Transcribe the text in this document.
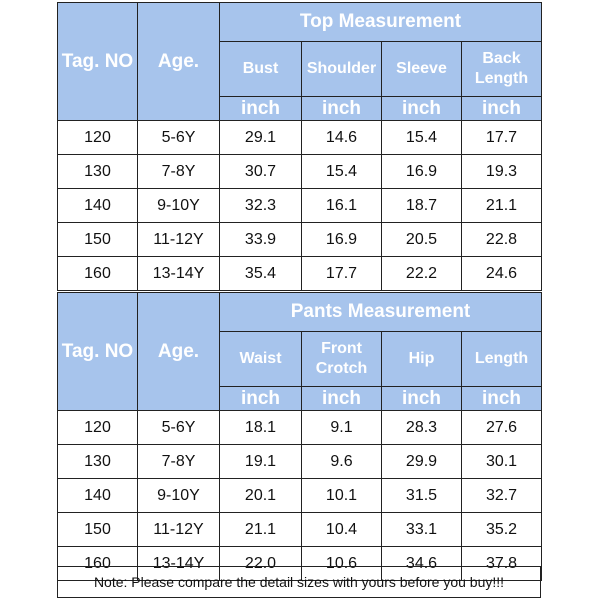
Tag. NO	Age.	Top Measurement			
		Bust	Shoulder	Sleeve	Back Length
		inch	inch	inch	inch
120	5-6Y	29.1	14.6	15.4	17.7
130	7-8Y	30.7	15.4	16.9	19.3
140	9-10Y	32.3	16.1	18.7	21.1
150	11-12Y	33.9	16.9	20.5	22.8
160	13-14Y	35.4	17.7	22.2	24.6
Tag. NO	Age.	Pants Measurement			
		Waist	Front Crotch	Hip	Length
		inch	inch	inch	inch
120	5-6Y	18.1	9.1	28.3	27.6
130	7-8Y	19.1	9.6	29.9	30.1
140	9-10Y	20.1	10.1	31.5	32.7
150	11-12Y	21.1	10.4	33.1	35.2
160	13-14Y	22.0	10.6	34.6	37.8
Note: Please compare the detail sizes with yours before you buy!!!
